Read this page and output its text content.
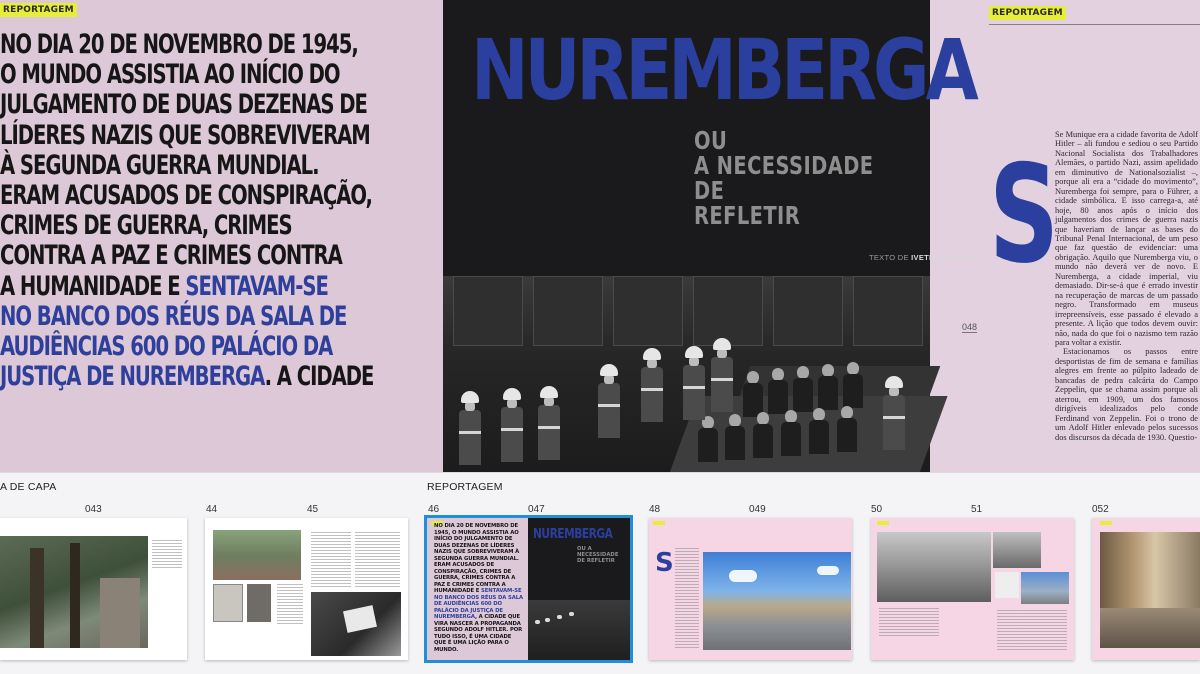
REPORTAGEM
NO DIA 20 DE NOVEMBRO DE 1945,
O MUNDO ASSISTIA AO INÍCIO DO
JULGAMENTO DE DUAS DEZENAS DE
LÍDERES NAZIS QUE SOBREVIVERAM
À SEGUNDA GUERRA MUNDIAL.
ERAM ACUSADOS DE CONSPIRAÇÃO,
CRIMES DE GUERRA, CRIMES
CONTRA A PAZ E CRIMES CONTRA
A HUMANIDADE E SENTAVAM-SE
NO BANCO DOS RÉUS DA SALA DE
AUDIÊNCIAS 600 DO PALÁCIO DA
JUSTIÇA DE NUREMBERGA. A CIDADE
NUREMBERGA
OU
A NECESSIDADE
DE
REFLETIR
TEXTO DE IVETE CARNEIRO
REPORTAGEM
S
048

Se Munique era a cidade favorita de Adolf Hitler – ali fundou e sediou o seu Partido Nacional Socialista dos Trabalhadores Alemães, o partido Nazi, assim apelidado em diminutivo de Nationalsozialist –, porque ali era a “cidade do movimento”, Nuremberga foi sempre, para o Führer, a cidade simbólica. E isso carrega-a, até hoje, 80 anos após o início dos julgamentos dos crimes de guerra nazis que haveriam de lançar as bases do Tribunal Penal Internacional, de um peso que faz questão de evidenciar: uma obrigação. Aquilo que Nuremberga viu, o mundo não deverá ver de novo. E Nuremberga, a cidade imperial, viu demasiado. Dir-se-á que é errado investir na recuperação de marcas de um passado negro. Transformado em museus irrepreensíveis, esse passado é elevado a presente. A lição que todos devem ouvir: não, nada do que foi o nazismo tem razão para voltar a existir.

Estacionamos os passos entre desportistas de fim de semana e famílias alegres em frente ao púlpito ladeado de bancadas de pedra calcária do Campo Zeppelin, que se chama assim porque ali aterrou, em 1909, um dos famosos dirigíveis idealizados pelo conde Ferdinand von Zeppelin. Foi o trono de um Adolf Hitler enlevado pelos sucessos dos discursos da década de 1930. Questio-

A DE CAPA	REPORTAGEM
043	44	45	46	047	48	049	50	51	052
NO DIA 20 DE NOVEMBRO DE 1945, O MUNDO ASSISTIA AO INÍCIO DO JULGAMENTO DE DUAS DEZENAS DE LÍDERES NAZIS QUE SOBREVIVERAM À SEGUNDA GUERRA MUNDIAL. ERAM ACUSADOS DE CONSPIRAÇÃO, CRIMES DE GUERRA, CRIMES CONTRA A PAZ E CRIMES CONTRA A HUMANIDADE E SENTAVAM-SE NO BANCO DOS RÉUS DA SALA DE AUDIÊNCIAS 600 DO PALÁCIO DA JUSTIÇA DE NUREMBERGA, A CIDADE QUE VIRA NASCER A PROPAGANDA SEGUNDO ADOLF HITLER. POR TUDO ISSO, É UMA CIDADE QUE É UMA LIÇÃO PARA O MUNDO.
NUREMBERGA
OU A NECESSIDADE DE REFLETIR	S
